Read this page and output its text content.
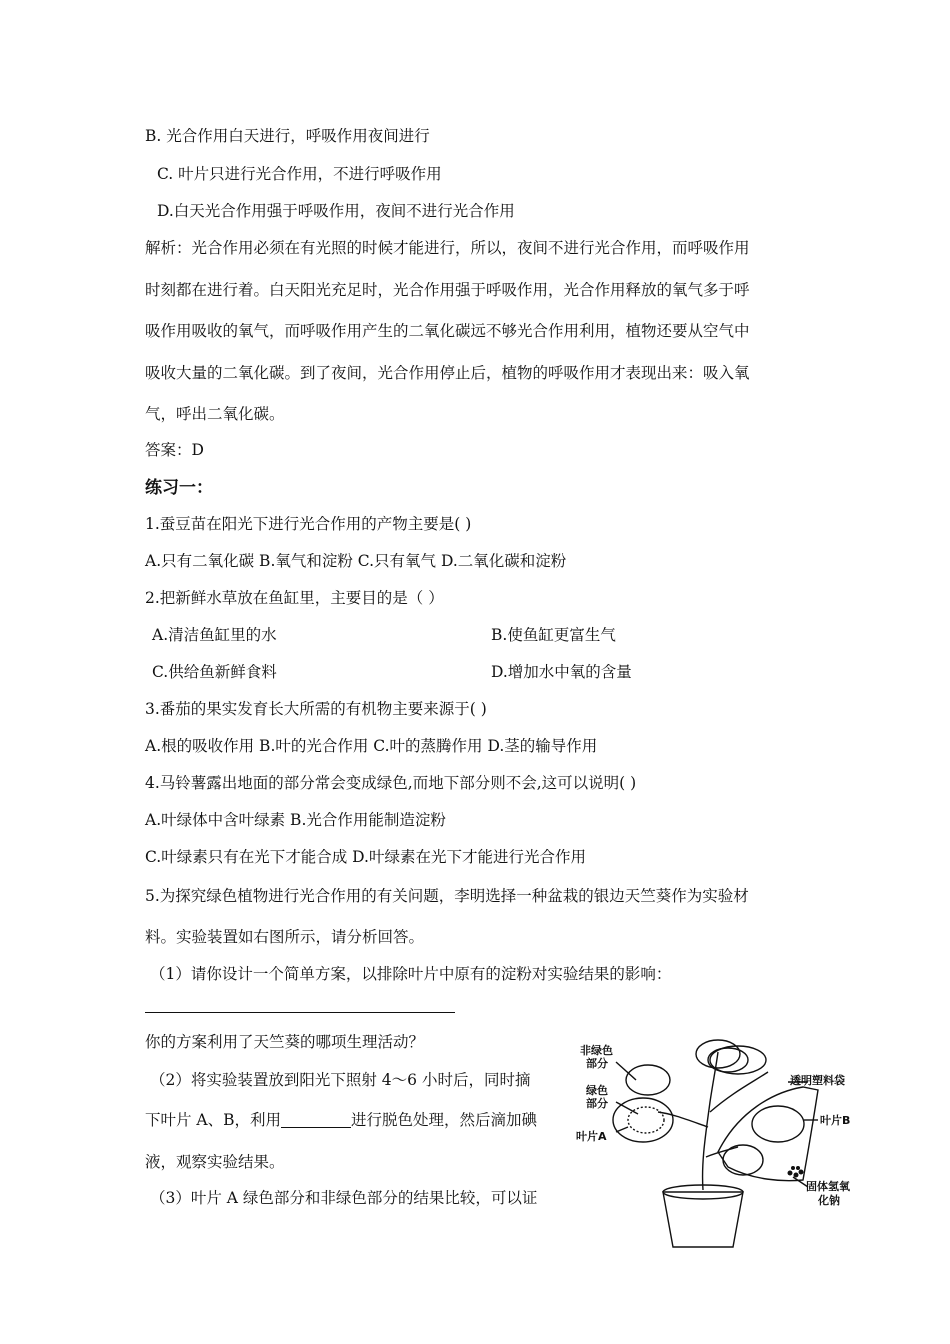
B. 光合作用白天进行，呼吸作用夜间进行
C. 叶片只进行光合作用，不进行呼吸作用
D.白天光合作用强于呼吸作用，夜间不进行光合作用
解析：光合作用必须在有光照的时候才能进行，所以，夜间不进行光合作用，而呼吸作用
时刻都在进行着。白天阳光充足时，光合作用强于呼吸作用，光合作用释放的氧气多于呼
吸作用吸收的氧气，而呼吸作用产生的二氧化碳远不够光合作用利用，植物还要从空气中
吸收大量的二氧化碳。到了夜间，光合作用停止后，植物的呼吸作用才表现出来：吸入氧
气，呼出二氧化碳。
答案：D
练习一：
1.蚕豆苗在阳光下进行光合作用的产物主要是( )
A.只有二氧化碳 B.氧气和淀粉 C.只有氧气 D.二氧化碳和淀粉
2.把新鲜水草放在鱼缸里，主要目的是（ ）
A.清洁鱼缸里的水	B.使鱼缸更富生气
C.供给鱼新鲜食料	D.增加水中氧的含量
3.番茄的果实发育长大所需的有机物主要来源于( )
A.根的吸收作用 B.叶的光合作用 C.叶的蒸腾作用 D.茎的输导作用
4.马铃薯露出地面的部分常会变成绿色,而地下部分则不会,这可以说明( )
A.叶绿体中含叶绿素 B.光合作用能制造淀粉
C.叶绿素只有在光下才能合成 D.叶绿素在光下才能进行光合作用
5.为探究绿色植物进行光合作用的有关问题，李明选择一种盆栽的银边天竺葵作为实验材
料。实验装置如右图所示，请分析回答。
（1）请你设计一个简单方案，以排除叶片中原有的淀粉对实验结果的影响：
你的方案利用了天竺葵的哪项生理活动？
（2）将实验装置放到阳光下照射 4～6 小时后，同时摘
下叶片 A、B，利用	进行脱色处理，然后滴加碘
液，观察实验结果。
（3）叶片 A 绿色部分和非绿色部分的结果比较，可以证
非绿色
部分
绿色
部分
叶片A
透明塑料袋
叶片B
固体氢氧
化钠
